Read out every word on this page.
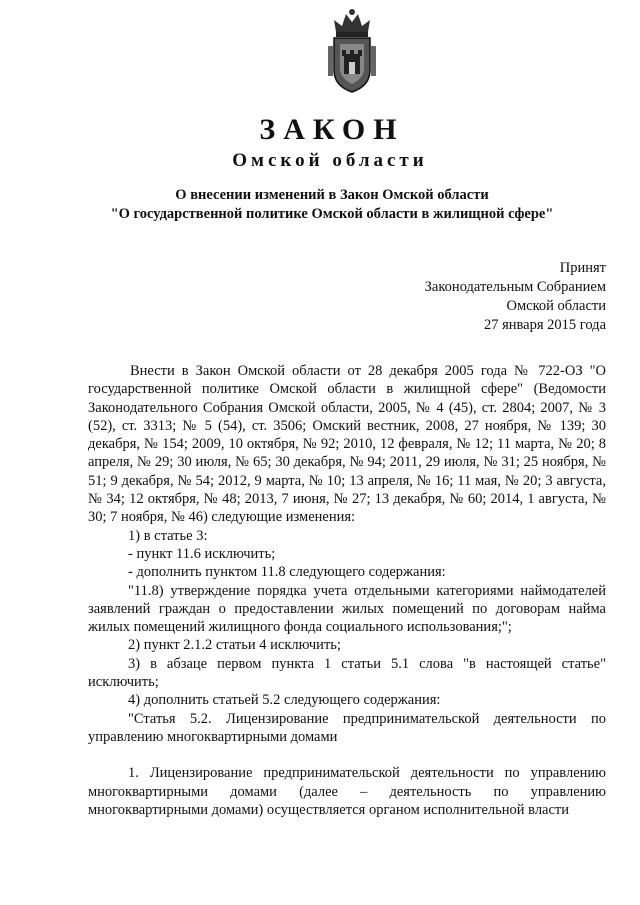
ЗАКОН
Омской области
О внесении изменений в Закон Омской области
"О государственной политике Омской области в жилищной сфере"
Принят
Законодательным Собранием
Омской области
27 января 2015 года

Внести в Закон Омской области от 28 декабря 2005 года № 722-ОЗ "О государственной политике Омской области в жилищной сфере" (Ведомости Законодательного Собрания Омской области, 2005, № 4 (45), ст. 2804; 2007, № 3 (52), ст. 3313; № 5 (54), ст. 3506; Омский вестник, 2008, 27 ноября, № 139; 30 декабря, № 154; 2009, 10 октября, № 92; 2010, 12 февраля, № 12; 11 марта, № 20; 8 апреля, № 29; 30 июля, № 65; 30 декабря, № 94; 2011, 29 июля, № 31; 25 ноября, № 51; 9 декабря, № 54; 2012, 9 марта, № 10; 13 апреля, № 16; 11 мая, № 20; 3 августа, № 34; 12 октября, № 48; 2013, 7 июня, № 27; 13 декабря, № 60; 2014, 1 августа, № 30; 7 ноября, № 46) следующие изменения:

1) в статье 3:

- пункт 11.6 исключить;

- дополнить пунктом 11.8 следующего содержания:

"11.8) утверждение порядка учета отдельными категориями наймодателей заявлений граждан о предоставлении жилых помещений по договорам найма жилых помещений жилищного фонда социального использования;";

2) пункт 2.1.2 статьи 4 исключить;

3) в абзаце первом пункта 1 статьи 5.1 слова "в настоящей статье" исключить;

4) дополнить статьей 5.2 следующего содержания:

"Статья 5.2. Лицензирование предпринимательской деятельности по управлению многоквартирными домами

1. Лицензирование предпринимательской деятельности по управлению многоквартирными домами (далее – деятельность по управлению многоквартирными домами) осуществляется органом исполнительной власти
